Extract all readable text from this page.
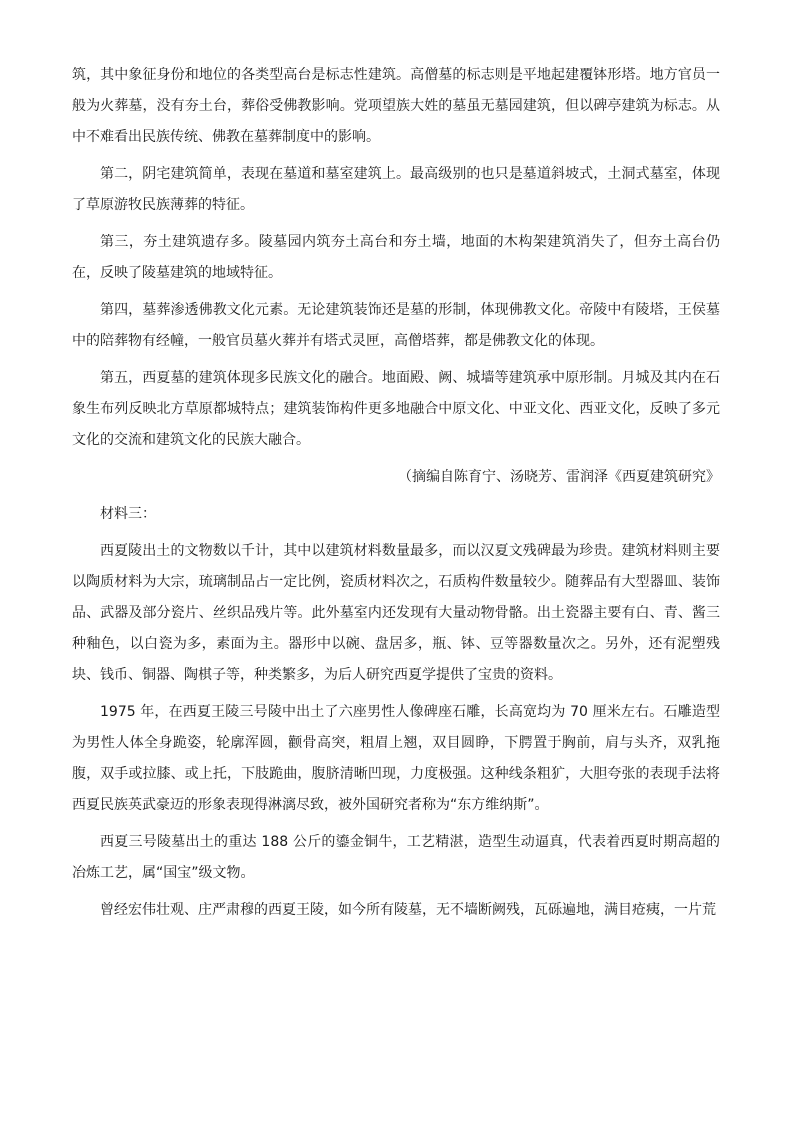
筑，其中象征身份和地位的各类型高台是标志性建筑。高僧墓的标志则是平地起建覆钵形塔。地方官员一般为火葬墓，没有夯土台，葬俗受佛教影响。党项望族大姓的墓虽无墓园建筑，但以碑亭建筑为标志。从中不难看出民族传统、佛教在墓葬制度中的影响。

第二，阴宅建筑简单，表现在墓道和墓室建筑上。最高级别的也只是墓道斜坡式，土洞式墓室，体现了草原游牧民族薄葬的特征。

第三，夯土建筑遗存多。陵墓园内筑夯土高台和夯土墙，地面的木构架建筑消失了，但夯土高台仍在，反映了陵墓建筑的地域特征。

第四，墓葬渗透佛教文化元素。无论建筑装饰还是墓的形制，体现佛教文化。帝陵中有陵塔，王侯墓中的陪葬物有经幢，一般官员墓火葬并有塔式灵匣，高僧塔葬，都是佛教文化的体现。

第五，西夏墓的建筑体现多民族文化的融合。地面殿、阙、城墙等建筑承中原形制。月城及其内在石象生布列反映北方草原都城特点；建筑装饰构件更多地融合中原文化、中亚文化、西亚文化，反映了多元文化的交流和建筑文化的民族大融合。

（摘编自陈育宁、汤晓芳、雷润泽《西夏建筑研究》

材料三：

西夏陵出土的文物数以千计，其中以建筑材料数量最多，而以汉夏文残碑最为珍贵。建筑材料则主要以陶质材料为大宗，琉璃制品占一定比例，瓷质材料次之，石质构件数量较少。随葬品有大型器皿、装饰品、武器及部分瓷片、丝织品残片等。此外墓室内还发现有大量动物骨骼。出土瓷器主要有白、青、酱三种釉色，以白瓷为多，素面为主。器形中以碗、盘居多，瓶、钵、豆等器数量次之。另外，还有泥塑残块、钱币、铜器、陶棋子等，种类繁多，为后人研究西夏学提供了宝贵的资料。

1975 年，在西夏王陵三号陵中出土了六座男性人像碑座石雕，长高宽均为 70 厘米左右。石雕造型为男性人体全身跪姿，轮廓浑圆，颧骨高突，粗眉上翘，双目圆睁，下腭置于胸前，肩与头齐，双乳拖腹，双手或拉膝、或上托，下肢跪曲，腹脐清晰凹现，力度极强。这种线条粗犷，大胆夸张的表现手法将西夏民族英武豪迈的形象表现得淋漓尽致，被外国研究者称为“东方维纳斯”。

西夏三号陵墓出土的重达 188 公斤的鎏金铜牛，工艺精湛，造型生动逼真，代表着西夏时期高超的冶炼工艺，属“国宝”级文物。

曾经宏伟壮观、庄严肃穆的西夏王陵，如今所有陵墓，无不墙断阙残，瓦砾遍地，满目疮痍，一片荒
